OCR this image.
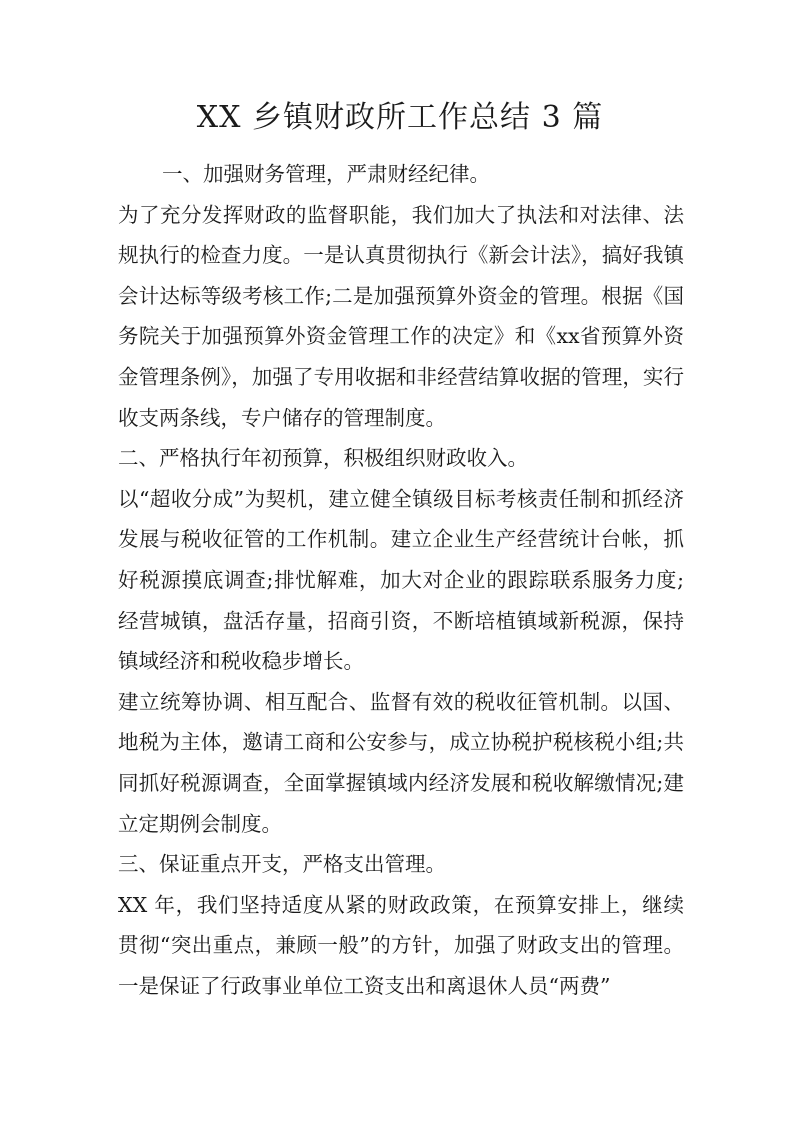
XX 乡镇财政所工作总结 3 篇

一、加强财务管理，严肃财经纪律。

为了充分发挥财政的监督职能，我们加大了执法和对法律、法规执行的检查力度。一是认真贯彻执行《新会计法》，搞好我镇会计达标等级考核工作;二是加强预算外资金的管理。根据《国务院关于加强预算外资金管理工作的决定》和《xx省预算外资金管理条例》，加强了专用收据和非经营结算收据的管理，实行收支两条线，专户储存的管理制度。

二、严格执行年初预算，积极组织财政收入。

以“超收分成”为契机，建立健全镇级目标考核责任制和抓经济发展与税收征管的工作机制。建立企业生产经营统计台帐，抓好税源摸底调查;排忧解难，加大对企业的跟踪联系服务力度;经营城镇，盘活存量，招商引资，不断培植镇域新税源，保持镇域经济和税收稳步增长。

建立统筹协调、相互配合、监督有效的税收征管机制。以国、地税为主体，邀请工商和公安参与，成立协税护税核税小组;共同抓好税源调查，全面掌握镇域内经济发展和税收解缴情况;建立定期例会制度。

三、保证重点开支，严格支出管理。

XX 年，我们坚持适度从紧的财政政策，在预算安排上，继续贯彻“突出重点，兼顾一般”的方针，加强了财政支出的管理。一是保证了行政事业单位工资支出和离退休人员“两费”
